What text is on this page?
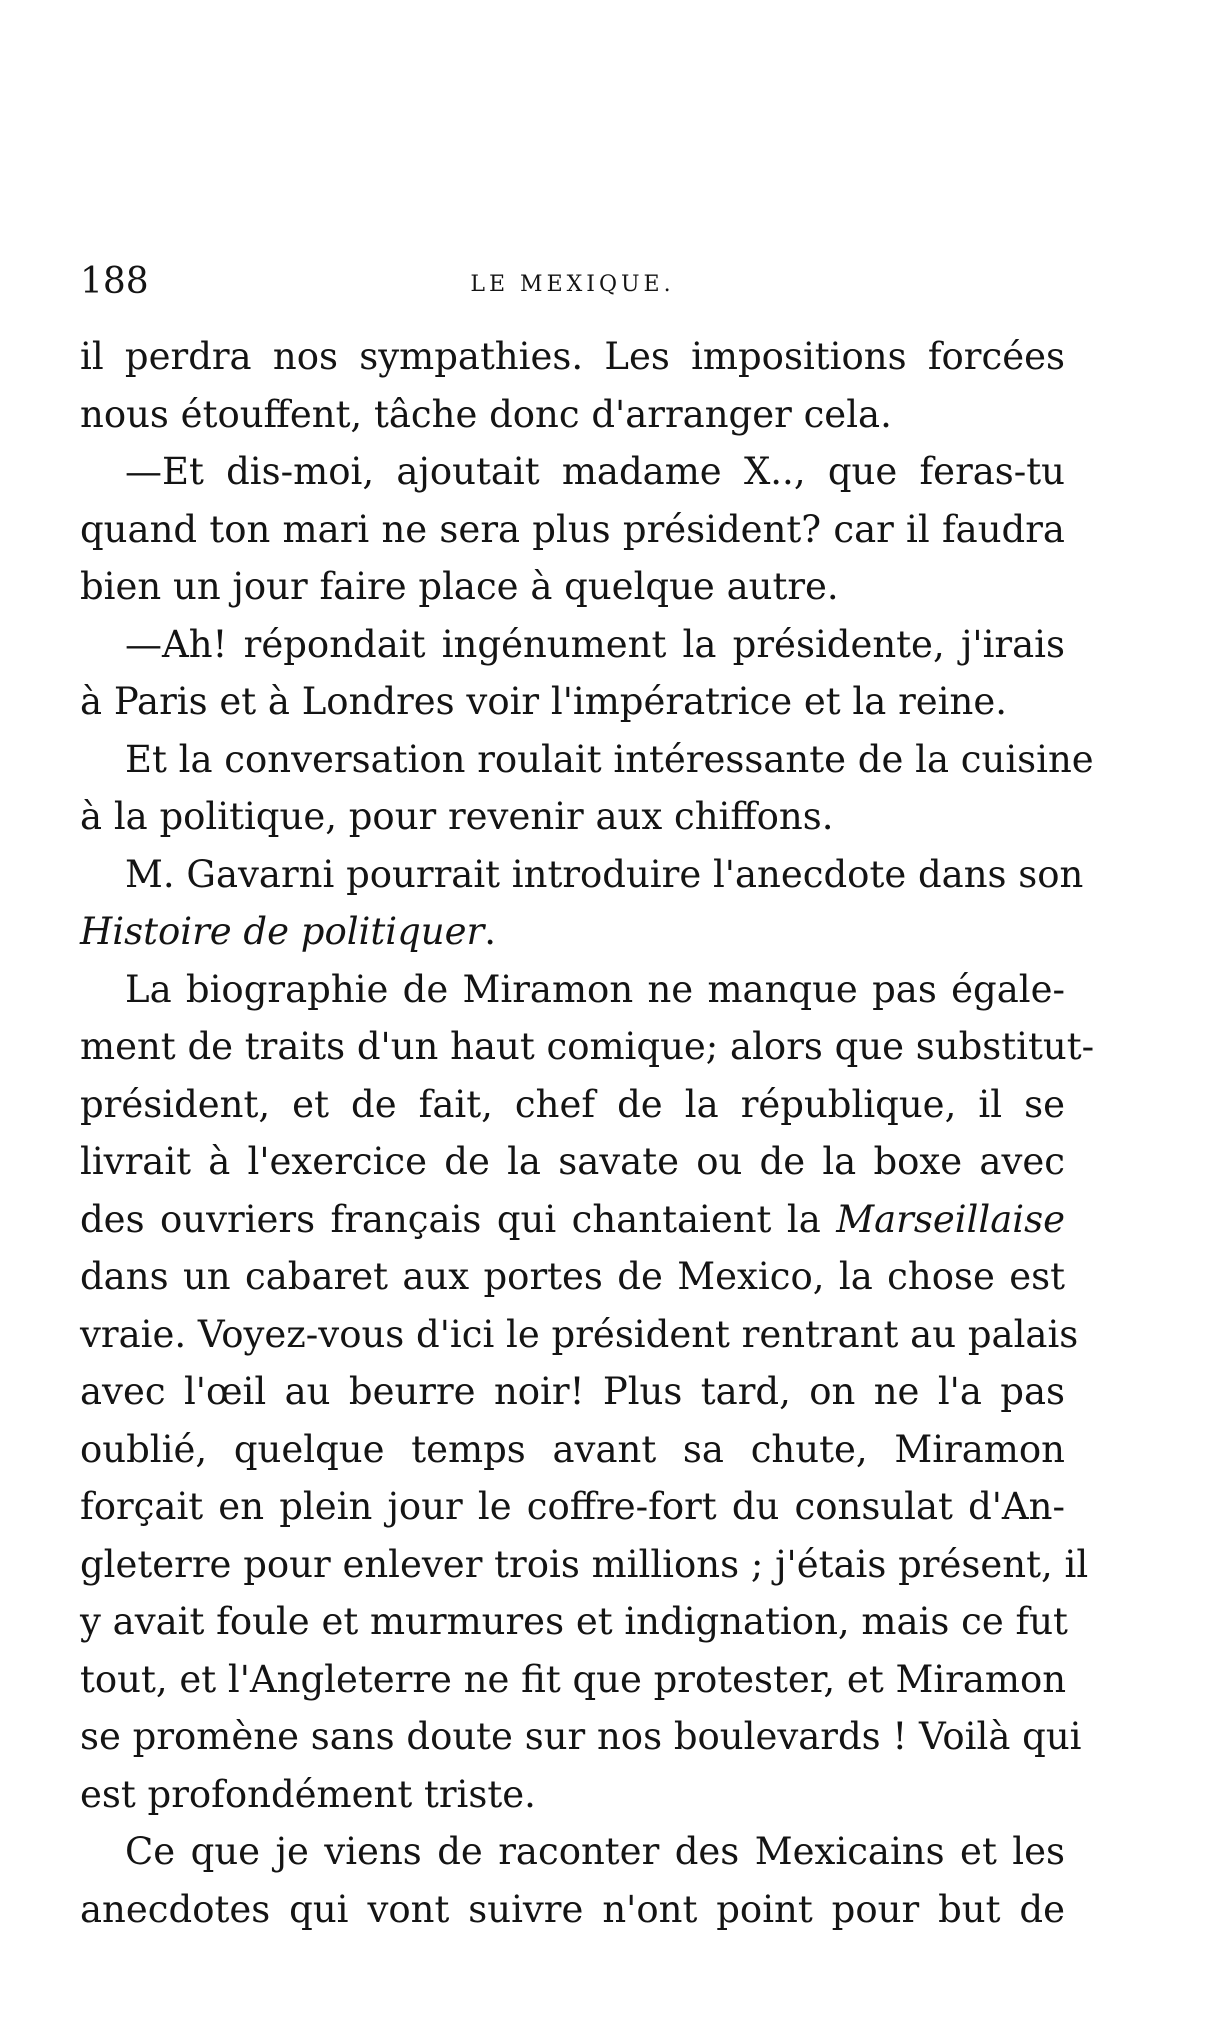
188	LE MEXIQUE.

il perdra nos sympathies. Les impositions forcées
nous étouffent, tâche donc d'arranger cela.

—Et dis-moi, ajoutait madame X.., que feras-tu
quand ton mari ne sera plus président? car il faudra
bien un jour faire place à quelque autre.

—Ah! répondait ingénument la présidente, j'irais
à Paris et à Londres voir l'impératrice et la reine.

Et la conversation roulait intéressante de la cuisine
à la politique, pour revenir aux chiffons.

M. Gavarni pourrait introduire l'anecdote dans son
Histoire de politiquer.

La biographie de Miramon ne manque pas égale-
ment de traits d'un haut comique; alors que substitut-
président, et de fait, chef de la république, il se
livrait à l'exercice de la savate ou de la boxe avec
des ouvriers français qui chantaient la Marseillaise
dans un cabaret aux portes de Mexico, la chose est
vraie. Voyez-vous d'ici le président rentrant au palais
avec l'œil au beurre noir! Plus tard, on ne l'a pas
oublié, quelque temps avant sa chute, Miramon
forçait en plein jour le coffre-fort du consulat d'An-
gleterre pour enlever trois millions ; j'étais présent, il
y avait foule et murmures et indignation, mais ce fut
tout, et l'Angleterre ne fit que protester, et Miramon
se promène sans doute sur nos boulevards ! Voilà qui
est profondément triste.

Ce que je viens de raconter des Mexicains et les
anecdotes qui vont suivre n'ont point pour but de
